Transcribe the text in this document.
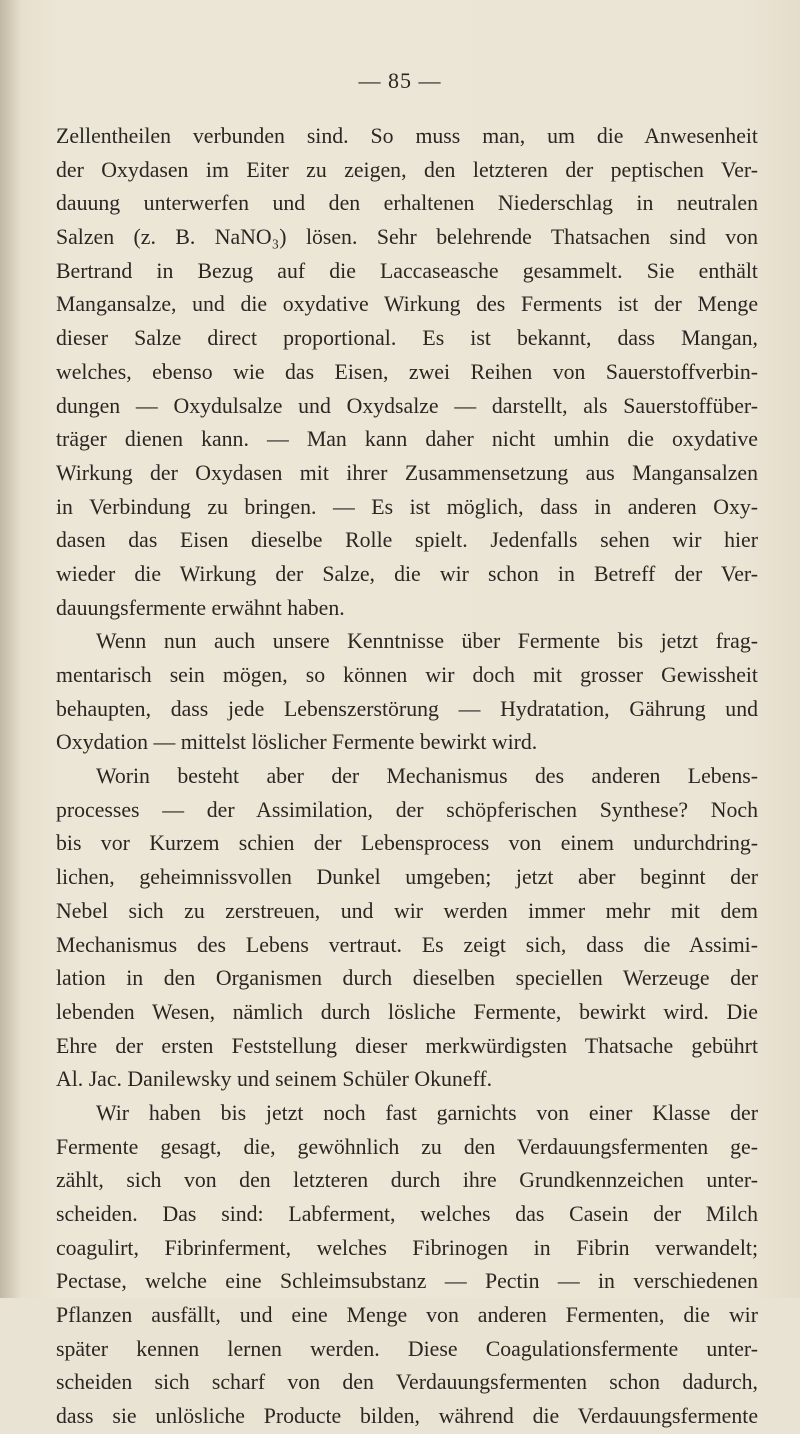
— 85 —
Zellentheilen verbunden sind. So muss man, um die Anwesenheit
der Oxydasen im Eiter zu zeigen, den letzteren der peptischen Ver-
dauung unterwerfen und den erhaltenen Niederschlag in neutralen
Salzen (z. B. NaNO₃) lösen. Sehr belehrende Thatsachen sind von
Bertrand in Bezug auf die Laccaseasche gesammelt. Sie enthält
Mangansalze, und die oxydative Wirkung des Ferments ist der Menge
dieser Salze direct proportional. Es ist bekannt, dass Mangan,
welches, ebenso wie das Eisen, zwei Reihen von Sauerstoffverbin-
dungen — Oxydulsalze und Oxydsalze — darstellt, als Sauerstoffüber-
träger dienen kann. — Man kann daher nicht umhin die oxydative
Wirkung der Oxydasen mit ihrer Zusammensetzung aus Mangansalzen
in Verbindung zu bringen. — Es ist möglich, dass in anderen Oxy-
dasen das Eisen dieselbe Rolle spielt. Jedenfalls sehen wir hier
wieder die Wirkung der Salze, die wir schon in Betreff der Ver-
dauungsfermente erwähnt haben.
Wenn nun auch unsere Kenntnisse über Fermente bis jetzt frag-
mentarisch sein mögen, so können wir doch mit grosser Gewissheit
behaupten, dass jede Lebenszerstörung — Hydratation, Gährung und
Oxydation — mittelst löslicher Fermente bewirkt wird.
Worin besteht aber der Mechanismus des anderen Lebens-
processes — der Assimilation, der schöpferischen Synthese? Noch
bis vor Kurzem schien der Lebensprocess von einem undurchdring-
lichen, geheimnissvollen Dunkel umgeben; jetzt aber beginnt der
Nebel sich zu zerstreuen, und wir werden immer mehr mit dem
Mechanismus des Lebens vertraut. Es zeigt sich, dass die Assimi-
lation in den Organismen durch dieselben speciellen Werzeuge der
lebenden Wesen, nämlich durch lösliche Fermente, bewirkt wird. Die
Ehre der ersten Feststellung dieser merkwürdigsten Thatsache gebührt
Al. Jac. Danilewsky und seinem Schüler Okuneff.
Wir haben bis jetzt noch fast garnichts von einer Klasse der
Fermente gesagt, die, gewöhnlich zu den Verdauungsfermenten ge-
zählt, sich von den letzteren durch ihre Grundkennzeichen unter-
scheiden. Das sind: Labferment, welches das Casein der Milch
coagulirt, Fibrinferment, welches Fibrinogen in Fibrin verwandelt;
Pectase, welche eine Schleimsubstanz — Pectin — in verschiedenen
Pflanzen ausfällt, und eine Menge von anderen Fermenten, die wir
später kennen lernen werden. Diese Coagulationsfermente unter-
scheiden sich scharf von den Verdauungsfermenten schon dadurch,
dass sie unlösliche Producte bilden, während die Verdauungsfermente
